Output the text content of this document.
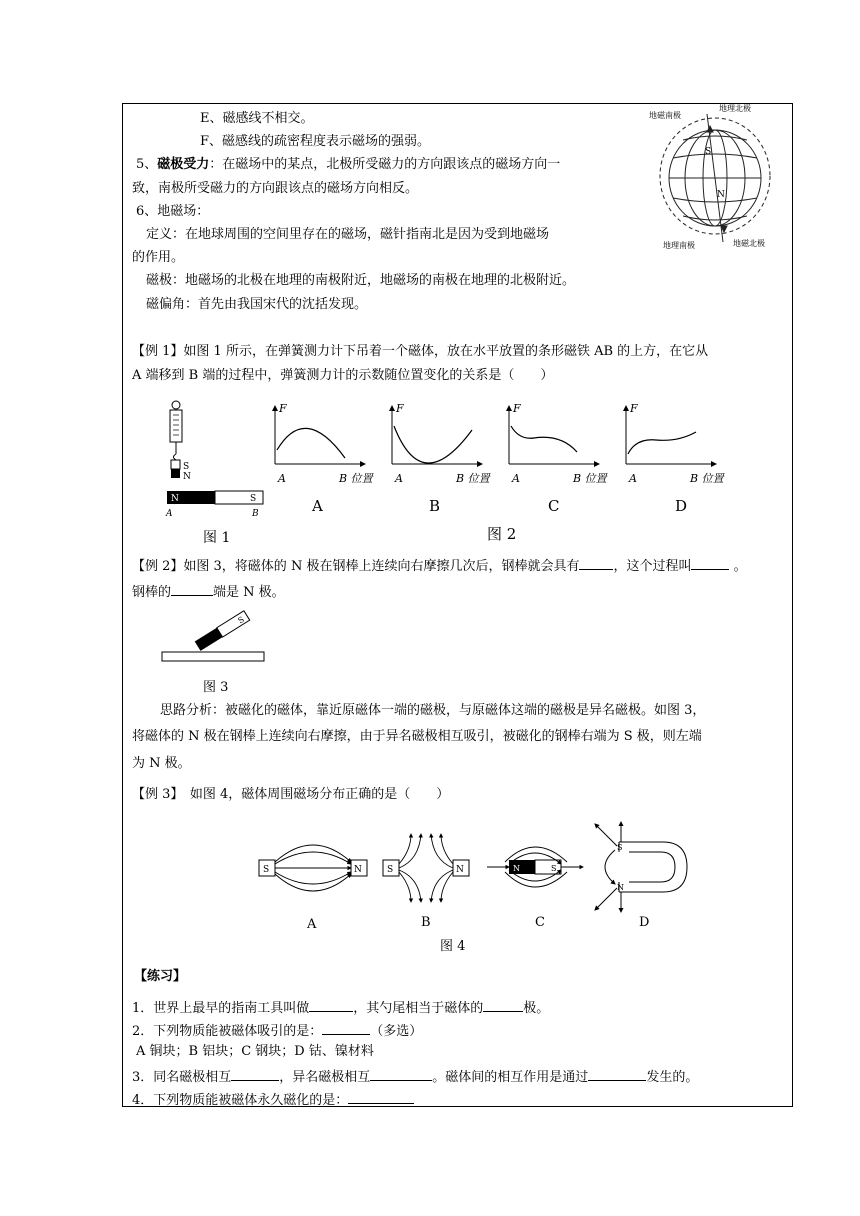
E、磁感线不相交。
F、磁感线的疏密程度表示磁场的强弱。
5、磁极受力：在磁场中的某点，北极所受磁力的方向跟该点的磁场方向一
致，南极所受磁力的方向跟该点的磁场方向相反。
6、地磁场：
定义：在地球周围的空间里存在的磁场，磁针指南北是因为受到地磁场
的作用。
磁极：地磁场的北极在地理的南极附近，地磁场的南极在地理的北极附近。
磁偏角：首先由我国宋代的沈括发现。
S
N
地理北极
地磁南极
地理南极	地磁北极
【例 1】如图 1 所示，在弹簧测力计下吊着一个磁体，放在水平放置的条形磁铁 AB 的上方，在它从
A 端移到 B 端的过程中，弹簧测力计的示数随位置变化的关系是（　　）
S
N
N	S
A	B
图 1
F
A	B 位置
F
A	B 位置
F
A	B 位置
F
A	B 位置
A	B	C	D
图 2
【例 2】如图 3，将磁体的 N 极在钢棒上连续向右摩擦几次后，钢棒就会具有	，这个过程叫	。
钢棒的	端是 N 极。
S
图 3
思路分析：被磁化的磁体，靠近原磁体一端的磁极，与原磁体这端的磁极是异名磁极。如图 3，
将磁体的 N 极在钢棒上连续向右摩擦，由于异名磁极相互吸引，被磁化的钢棒右端为 S 极，则左端
为 N 极。
【例 3】　如图 4，磁体周围磁场分布正确的是（　　）
S	N	S	N	N	S
S
N
A	B	C	D
图 4
【练习】
1．世界上最早的指南工具叫做	，其勺尾相当于磁体的	极。
2．下列物质能被磁体吸引的是：	（多选）
A 铜块；B 铝块；C 钢块；D 钴、镍材料
3．同名磁极相互	，异名磁极相互	。磁体间的相互作用是通过	发生的。
4．下列物质能被磁体永久磁化的是：
